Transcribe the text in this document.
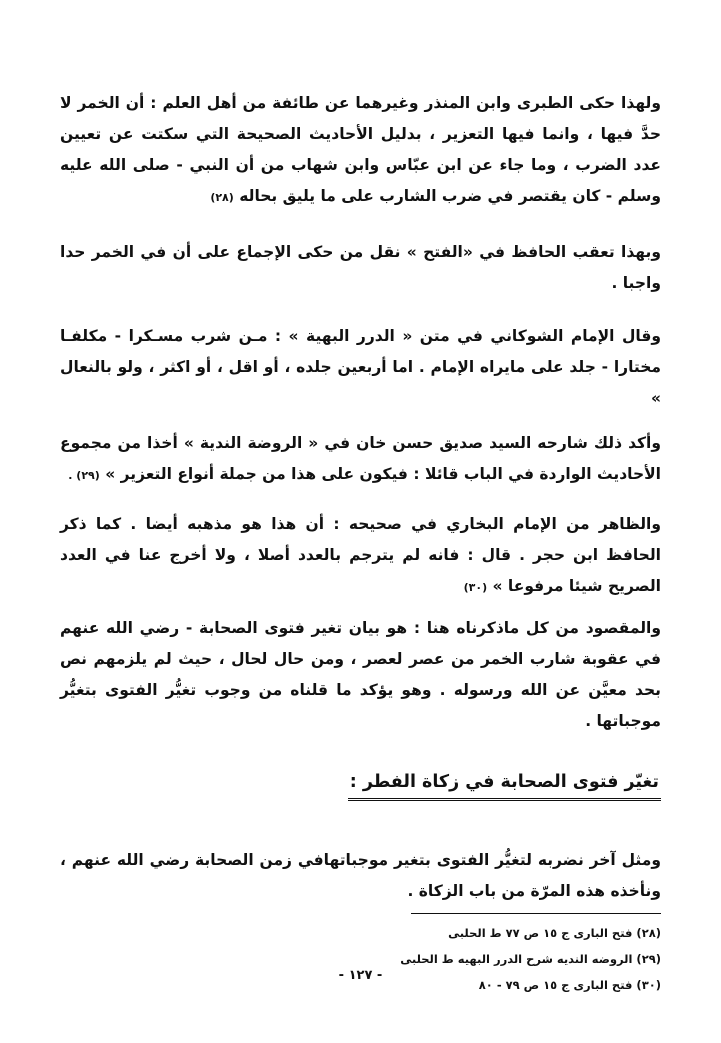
ولهذا حكى الطبرى وابن المنذر وغيرهما عن طائفة من أهل العلم : أن الخمر لا حدَّ فيها ، وانما فيها التعزير ، بدليل الأحاديث الصحيحة التي سكتت عن تعيين عدد الضرب ، وما جاء عن ابن عبّاس وابن شهاب من أن النبي - صلى الله عليه وسلم - كان يقتصر في ضرب الشارب على ما يليق بحاله (٢٨)

وبهذا تعقب الحافظ في «الفتح » نقل من حكى الإجماع على أن في الخمر حدا واجبا .

وقال الإمام الشوكاني في متن « الدرر البهية » : مـن شرب مسـكرا - مكلفـا مختارا - جلد على مايراه الإمام . اما أربعين جلده ، أو اقل ، أو اكثر ، ولو بالنعال »

وأكد ذلك شارحه السيد صديق حسن خان في « الروضة الندية » أخذا من مجموع الأحاديث الواردة في الباب قائلا : فيكون على هذا من جملة أنواع التعزير » (٢٩) .

والظاهر من الإمام البخاري في صحيحه : أن هذا هو مذهبه أيضا . كما ذكر الحافظ ابن حجر . قال : فانه لم يترجم بالعدد أصلا ، ولا أخرج عنا في العدد الصريح شيئا مرفوعا » (٣٠)

والمقصود من كل ماذكرناه هنا : هو بيان تغير فتوى الصحابة - رضي الله عنهم في عقوبة شارب الخمر من عصر لعصر ، ومن حال لحال ، حيث لم يلزمهم نص بحد معيَّن عن الله ورسوله . وهو يؤكد ما قلناه من وجوب تغيُّر الفتوى بتغيُّر موجباتها .

تغيّر فتوى الصحابة في زكاة الفطر :

ومثل آخر نضربه لتغيُّر الفتوى بتغير موجباتهافي زمن الصحابة رضي الله عنهم ، ونأخذه هذه المرّة من باب الزكاة .

(٢٨) فتح البارى ج ١٥ ص ٧٧ ط الحلبى
(٢٩) الروضه النديه شرح الدرر البهيه ط الحلبى
(٣٠) فتح البارى ج ١٥ ص ٧٩ - ٨٠
- ١٢٧ -
